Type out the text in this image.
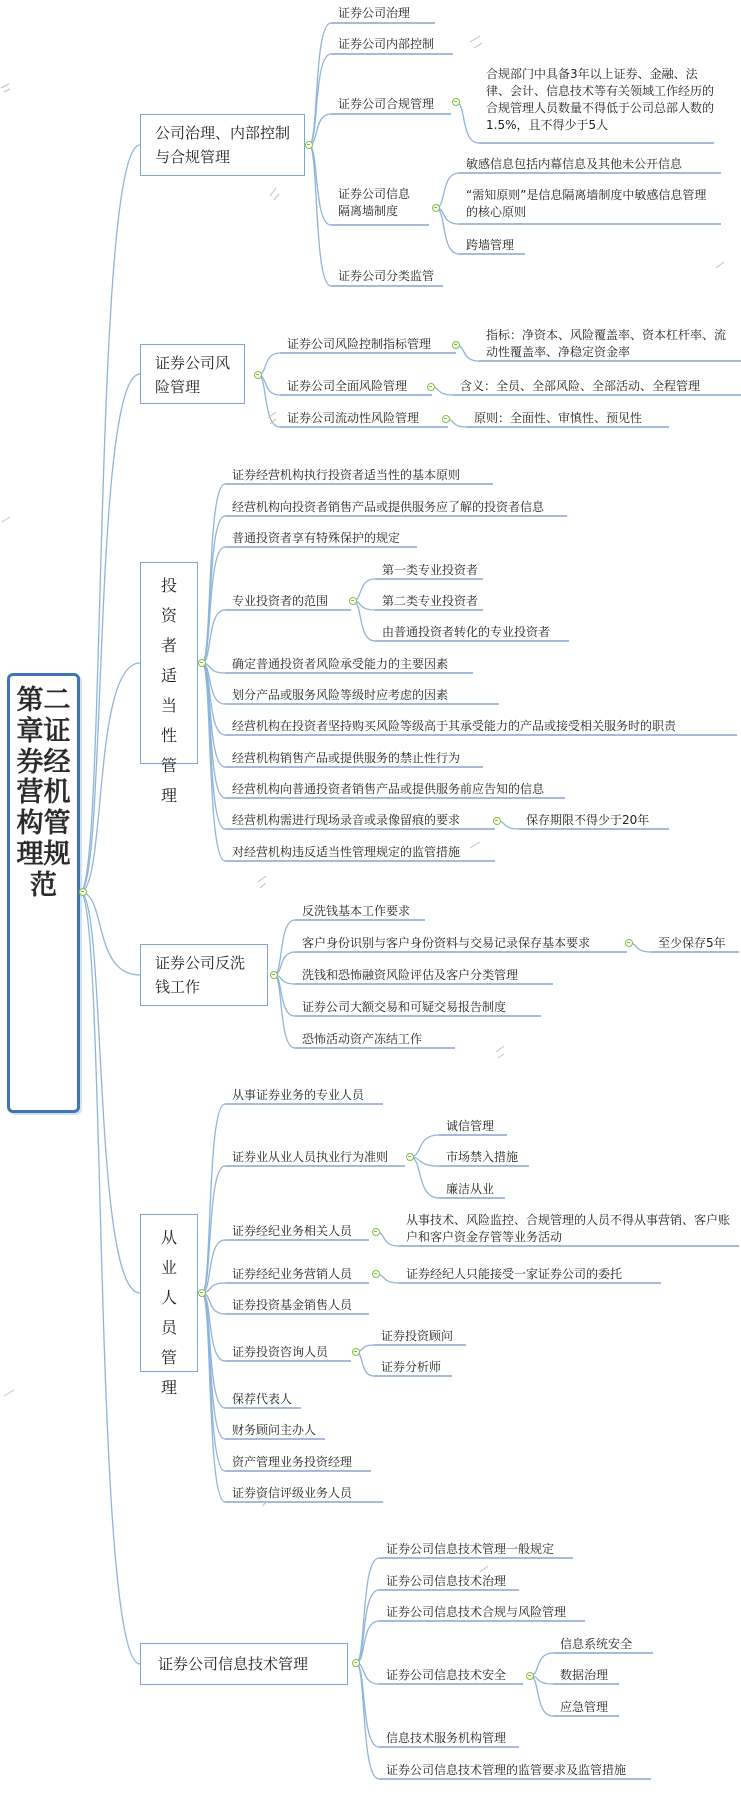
第二章证券经营机构管理规范
公司治理、内部控制与合规管理
证券公司治理
证券公司内部控制
证券公司合规管理
合规部门中具备3年以上证券、金融、法律、会计、信息技术等有关领域工作经历的合规管理人员数量不得低于公司总部人数的1.5%，且不得少于5人
证券公司信息隔离墙制度
敏感信息包括内幕信息及其他未公开信息
“需知原则”是信息隔离墙制度中敏感信息管理的核心原则
跨墙管理
证券公司分类监管
证券公司风险管理
证券公司风险控制指标管理
指标：净资本、风险覆盖率、资本杠杆率、流动性覆盖率、净稳定资金率
证券公司全面风险管理	含义：全员、全部风险、全部活动、全程管理
证券公司流动性风险管理	原则：全面性、审慎性、预见性
投资者适当性管理
证券经营机构执行投资者适当性的基本原则
经营机构向投资者销售产品或提供服务应了解的投资者信息
普通投资者享有特殊保护的规定
专业投资者的范围
第一类专业投资者
第二类专业投资者
由普通投资者转化的专业投资者
确定普通投资者风险承受能力的主要因素
划分产品或服务风险等级时应考虑的因素
经营机构在投资者坚持购买风险等级高于其承受能力的产品或接受相关服务时的职责
经营机构销售产品或提供服务的禁止性行为
经营机构向普通投资者销售产品或提供服务前应告知的信息
经营机构需进行现场录音或录像留痕的要求	保存期限不得少于20年
对经营机构违反适当性管理规定的监管措施
证券公司反洗钱工作
反洗钱基本工作要求
客户身份识别与客户身份资料与交易记录保存基本要求	至少保存5年
洗钱和恐怖融资风险评估及客户分类管理
证券公司大额交易和可疑交易报告制度
恐怖活动资产冻结工作
从业人员管理
从事证券业务的专业人员
证券业从业人员执业行为准则
诚信管理
市场禁入措施
廉洁从业
证券经纪业务相关人员
从事技术、风险监控、合规管理的人员不得从事营销、客户账户和客户资金存管等业务活动
证券经纪业务营销人员	证券经纪人只能接受一家证券公司的委托
证券投资基金销售人员
证券投资咨询人员
证券投资顾问
证券分析师
保荐代表人
财务顾问主办人
资产管理业务投资经理
证券资信评级业务人员
证券公司信息技术管理
证券公司信息技术管理一般规定
证券公司信息技术治理
证券公司信息技术合规与风险管理
证券公司信息技术安全
信息系统安全
数据治理
应急管理
信息技术服务机构管理
证券公司信息技术管理的监管要求及监管措施
